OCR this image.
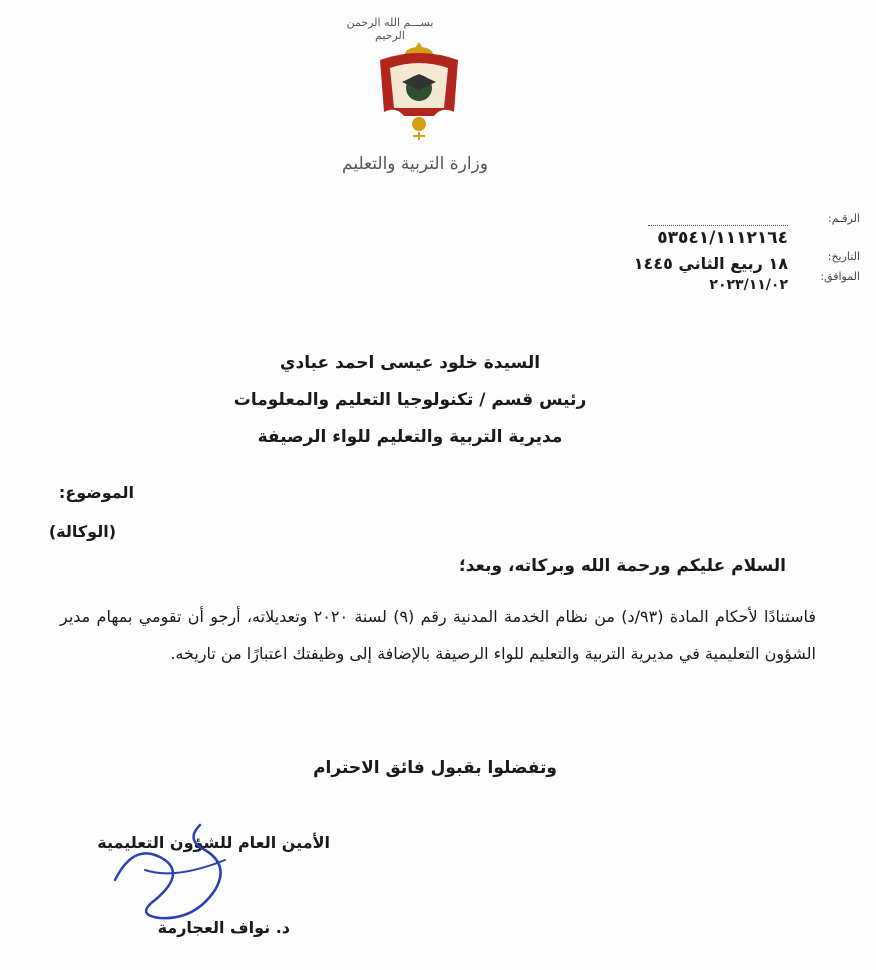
بســـم الله الرحمن الرحيم
وزارة التربية والتعليم
الرقـم:
التاريخ:
الموافق:
٥٣٥٤١/١١١٢١٦٤
١٨ ربيع الثاني ١٤٤٥
٢٠٢٣/١١/٠٢
السيدة خلود عيسى احمد عبادي
رئيس قسم / تكنولوجيا التعليم والمعلومات
مديرية التربية والتعليم للواء الرصيفة
الموضوع:
(الوكالة)
السلام عليكم ورحمة الله وبركاته، وبعد؛
فاستنادًا لأحكام المادة (٩٣/د) من نظام الخدمة المدنية رقم (٩) لسنة ٢٠٢٠ وتعديلاته، أرجو أن تقومي بمهام مدير الشؤون التعليمية في مديرية التربية والتعليم للواء الرصيفة بالإضافة إلى وظيفتك اعتبارًا من تاريخه.
وتفضلوا بقبول فائق الاحترام
الأمين العام للشؤون التعليمية
د. نواف العجارمة
